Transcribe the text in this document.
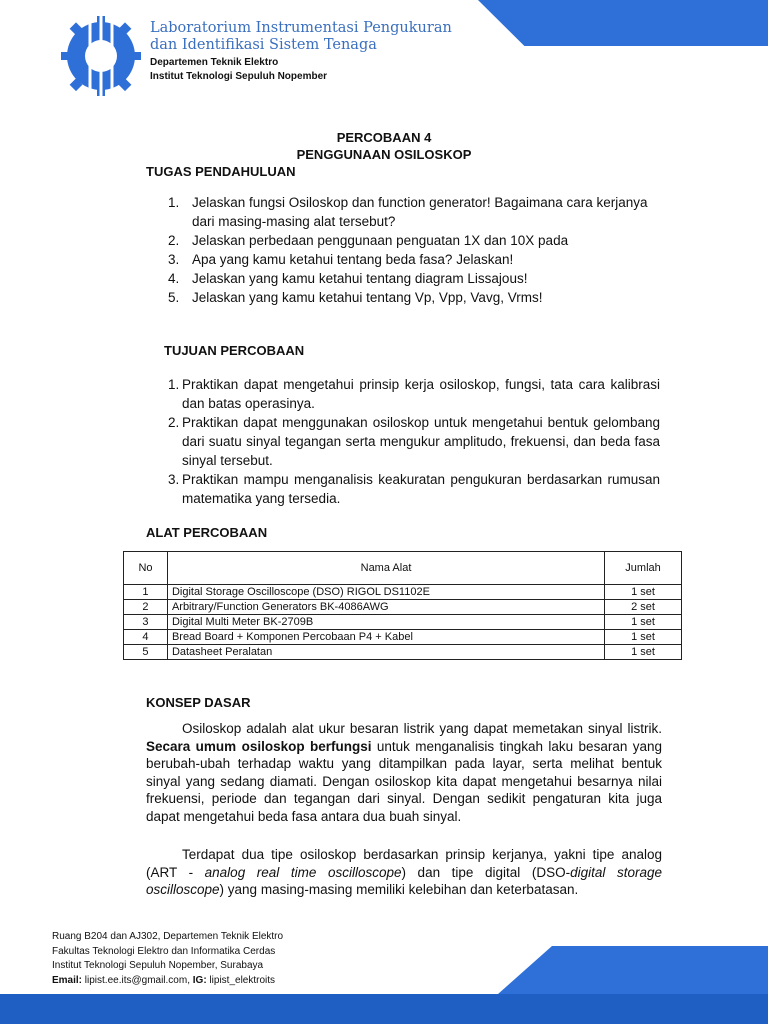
Laboratorium Instrumentasi Pengukuran
dan Identifikasi Sistem Tenaga
Departemen Teknik Elektro
Institut Teknologi Sepuluh Nopember
PERCOBAAN 4
PENGGUNAAN OSILOSKOP
TUGAS PENDAHULUAN
1. Jelaskan fungsi Osiloskop dan function generator! Bagaimana cara kerjanya dari masing-masing alat tersebut?
2. Jelaskan perbedaan penggunaan penguatan 1X dan 10X pada
3. Apa yang kamu ketahui tentang beda fasa? Jelaskan!
4. Jelaskan yang kamu ketahui tentang diagram Lissajous!
5. Jelaskan yang kamu ketahui tentang Vp, Vpp, Vavg, Vrms!
TUJUAN PERCOBAAN
1. Praktikan dapat mengetahui prinsip kerja osiloskop, fungsi, tata cara kalibrasi dan batas operasinya.
2. Praktikan dapat menggunakan osiloskop untuk mengetahui bentuk gelombang dari suatu sinyal tegangan serta mengukur amplitudo, frekuensi, dan beda fasa sinyal tersebut.
3. Praktikan mampu menganalisis keakuratan pengukuran berdasarkan rumusan matematika yang tersedia.
ALAT PERCOBAAN
No	Nama Alat	Jumlah
1	Digital Storage Oscilloscope (DSO) RIGOL DS1102E	1 set
2	Arbitrary/Function Generators BK-4086AWG	2 set
3	Digital Multi Meter BK-2709B	1 set
4	Bread Board + Komponen Percobaan P4 + Kabel	1 set
5	Datasheet Peralatan	1 set
KONSEP DASAR

Osiloskop adalah alat ukur besaran listrik yang dapat memetakan sinyal listrik. Secara umum osiloskop berfungsi untuk menganalisis tingkah laku besaran yang berubah-ubah terhadap waktu yang ditampilkan pada layar, serta melihat bentuk sinyal yang sedang diamati. Dengan osiloskop kita dapat mengetahui besarnya nilai frekuensi, periode dan tegangan dari sinyal. Dengan sedikit pengaturan kita juga dapat mengetahui beda fasa antara dua buah sinyal.

Terdapat dua tipe osiloskop berdasarkan prinsip kerjanya, yakni tipe analog (ART - analog real time oscilloscope) dan tipe digital (DSO-digital storage oscilloscope) yang masing-masing memiliki kelebihan dan keterbatasan.

Ruang B204 dan AJ302, Departemen Teknik Elektro
Fakultas Teknologi Elektro dan Informatika Cerdas
Institut Teknologi Sepuluh Nopember, Surabaya
Email: lipist.ee.its@gmail.com, IG: lipist_elektroits
